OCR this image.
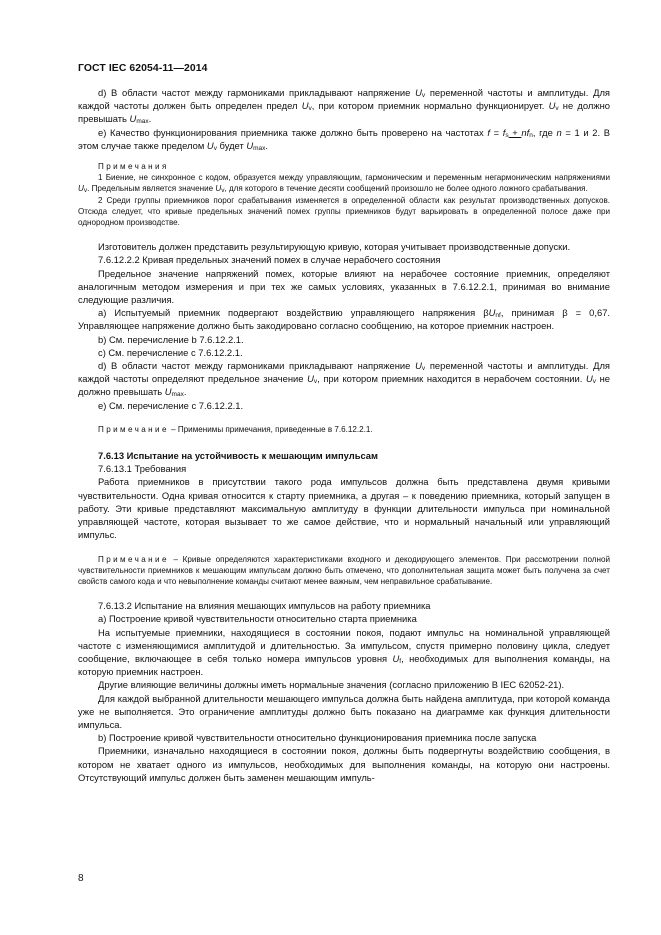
ГОСТ IEC 62054-11—2014

d) В области частот между гармониками прикладывают напряжение $U_v$ переменной частоты и амплитуды. Для каждой частоты должен быть определен предел $U_v$, при котором приемник нормально функционирует. $U_v$ не должно превышать $U_{max}$.

e) Качество функционирования приемника также должно быть проверено на частотах $f = f_s + nf_n$, где n = 1 и 2. В этом случае также пределом $U_v$ будет $U_{max}$.

Примечания

1 Биение, не синхронное с кодом, образуется между управляющим, гармоническим и переменным негармоническим напряжениями $U_v$. Предельным является значение $U_v$, для которого в течение десяти сообщений произошло не более одного ложного срабатывания.

2 Среди группы приемников порог срабатывания изменяется в определенной области как результат производственных допусков. Отсюда следует, что кривые предельных значений помех группы приемников будут варьировать в определенной полосе даже при однородном производстве.

Изготовитель должен представить результирующую кривую, которая учитывает производственные допуски.

7.6.12.2.2 Кривая предельных значений помех в случае нерабочего состояния

Предельное значение напряжений помех, которые влияют на нерабочее состояние приемник, определяют аналогичным методом измерения и при тех же самых условиях, указанных в 7.6.12.2.1, принимая во внимание следующие различия.

a) Испытуемый приемник подвергают воздействию управляющего напряжения $\beta U_{nf}$, принимая β = 0,67. Управляющее напряжение должно быть закодировано согласно сообщению, на которое приемник настроен.

b) См. перечисление b 7.6.12.2.1.

c) См. перечисление c 7.6.12.2.1.

d) В области частот между гармониками прикладывают напряжение $U_v$ переменной частоты и амплитуды. Для каждой частоты определяют предельное значение $U_v$, при котором приемник находится в нерабочем состоянии. $U_v$ не должно превышать $U_{max}$.

e) См. перечисление c 7.6.12.2.1.

Примечание – Применимы примечания, приведенные в 7.6.12.2.1.

7.6.13 Испытание на устойчивость к мешающим импульсам

7.6.13.1 Требования

Работа приемников в присутствии такого рода импульсов должна быть представлена двумя кривыми чувствительности. Одна кривая относится к старту приемника, а другая – к поведению приемника, который запущен в работу. Эти кривые представляют максимальную амплитуду в функции длительности импульса при номинальной управляющей частоте, которая вызывает то же самое действие, что и нормальный начальный или управляющий импульс.

Примечание – Кривые определяются характеристиками входного и декодирующего элементов. При рассмотрении полной чувствительности приемников к мешающим импульсам должно быть отмечено, что дополнительная защита может быть получена за счет свойств самого кода и что невыполнение команды считают менее важным, чем неправильное срабатывание.

7.6.13.2 Испытание на влияния мешающих импульсов на работу приемника

a) Построение кривой чувствительности относительно старта приемника

На испытуемые приемники, находящиеся в состоянии покоя, подают импульс на номинальной управляющей частоте с изменяющимися амплитудой и длительностью. За импульсом, спустя примерно половину цикла, следует сообщение, включающее в себя только номера импульсов уровня $U_f$, необходимых для выполнения команды, на которую приемник настроен.

Другие влияющие величины должны иметь нормальные значения (согласно приложению В IEC 62052-21).

Для каждой выбранной длительности мешающего импульса должна быть найдена амплитуда, при которой команда уже не выполняется. Это ограничение амплитуды должно быть показано на диаграмме как функция длительности импульса.

b) Построение кривой чувствительности относительно функционирования приемника после запуска

Приемники, изначально находящиеся в состоянии покоя, должны быть подвергнуты воздействию сообщения, в котором не хватает одного из импульсов, необходимых для выполнения команды, на которую они настроены. Отсутствующий импульс должен быть заменен мешающим импуль-

8
